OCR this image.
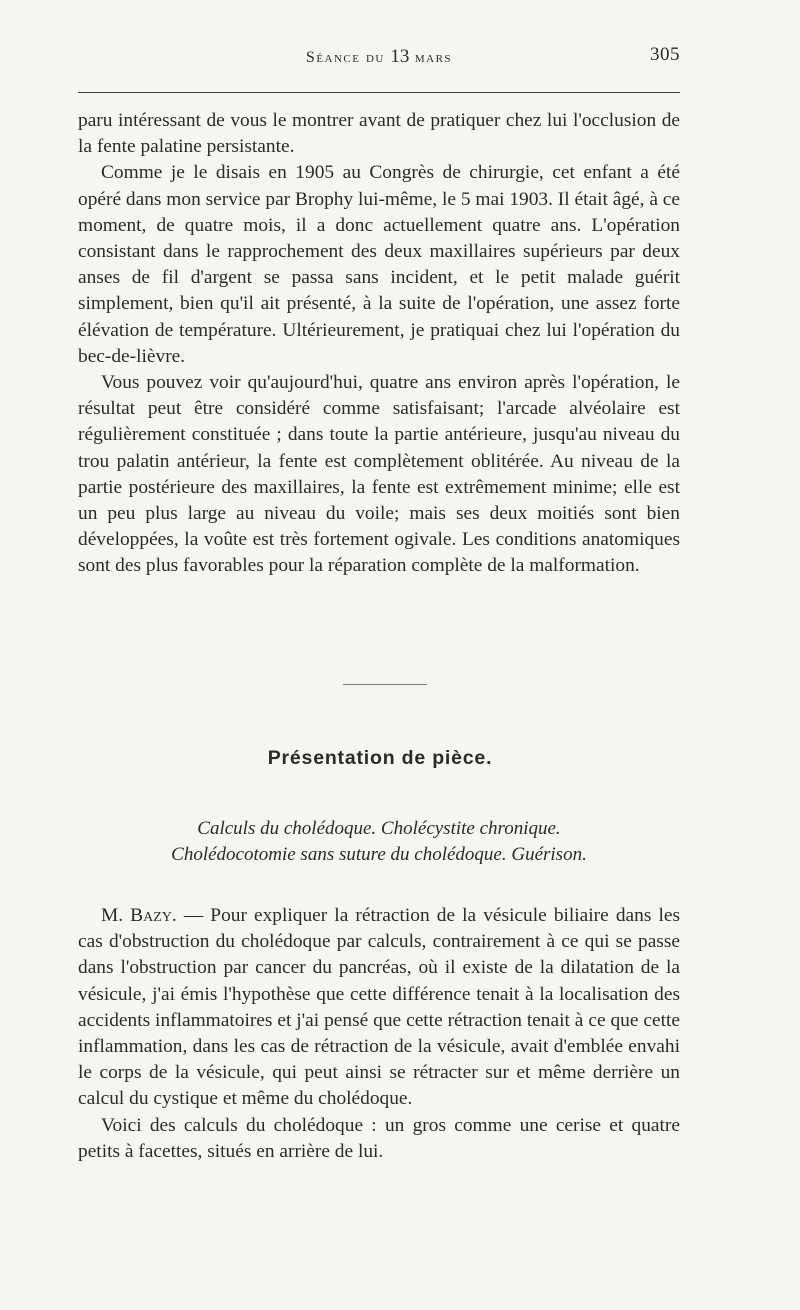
Séance du 13 mars	305

paru intéressant de vous le montrer avant de pratiquer chez lui l'occlusion de la fente palatine persistante.

Comme je le disais en 1905 au Congrès de chirurgie, cet enfant a été opéré dans mon service par Brophy lui-même, le 5 mai 1903. Il était âgé, à ce moment, de quatre mois, il a donc actuellement quatre ans. L'opération consistant dans le rapprochement des deux maxillaires supérieurs par deux anses de fil d'argent se passa sans incident, et le petit malade guérit simplement, bien qu'il ait présenté, à la suite de l'opération, une assez forte élévation de température. Ultérieurement, je pratiquai chez lui l'opération du bec-de-lièvre.

Vous pouvez voir qu'aujourd'hui, quatre ans environ après l'opération, le résultat peut être considéré comme satisfaisant; l'arcade alvéolaire est régulièrement constituée ; dans toute la partie antérieure, jusqu'au niveau du trou palatin antérieur, la fente est complètement oblitérée. Au niveau de la partie postérieure des maxillaires, la fente est extrêmement minime; elle est un peu plus large au niveau du voile; mais ses deux moitiés sont bien développées, la voûte est très fortement ogivale. Les conditions anatomiques sont des plus favorables pour la réparation complète de la malformation.

Présentation de pièce.
Calculs du cholédoque. Cholécystite chronique.
Cholédocotomie sans suture du cholédoque. Guérison.

M. Bazy. — Pour expliquer la rétraction de la vésicule biliaire dans les cas d'obstruction du cholédoque par calculs, contrairement à ce qui se passe dans l'obstruction par cancer du pancréas, où il existe de la dilatation de la vésicule, j'ai émis l'hypothèse que cette différence tenait à la localisation des accidents inflammatoires et j'ai pensé que cette rétraction tenait à ce que cette inflammation, dans les cas de rétraction de la vésicule, avait d'emblée envahi le corps de la vésicule, qui peut ainsi se rétracter sur et même derrière un calcul du cystique et même du cholédoque.

Voici des calculs du cholédoque : un gros comme une cerise et quatre petits à facettes, situés en arrière de lui.
